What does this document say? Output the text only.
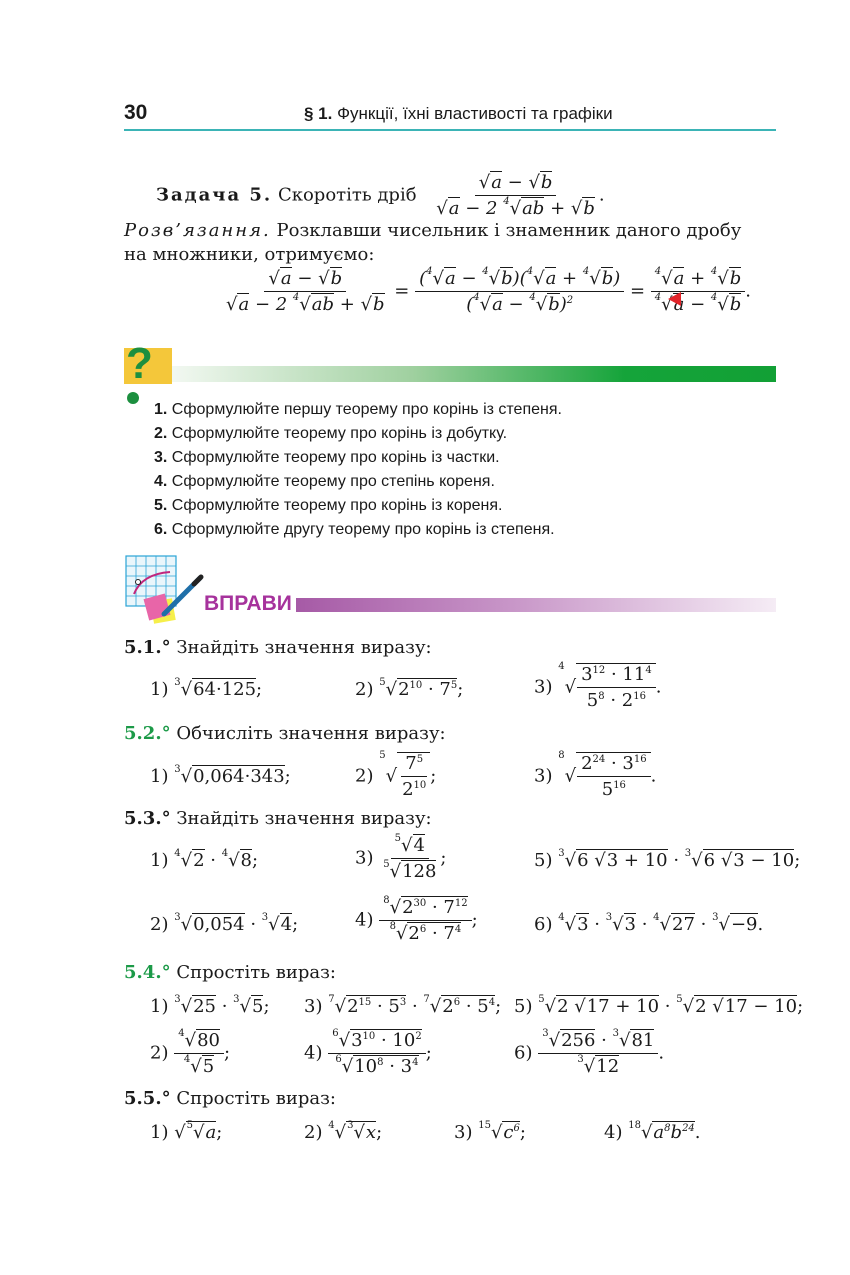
30	§ 1. Функції, їхні властивості та графіки
Задача 5. Скоротіть дріб $\frac{√a - √b}{√a - 2 ^4√ab + √b}$ .
Розв’язання. Розклавши чисельник і знаменник даного дробу
на множники, отримуємо:
$\frac{√a - √b}{√a - 2 ^4√ab + √b} = \frac{(^4√a - ^4√b)(^4√a + ^4√b)}{(^4√a - ^4√b)^2} = \frac{^4√a + ^4√b}{^4√a - ^4√b}$ .
?
1. Сформулюйте першу теорему про корінь із степеня.
2. Сформулюйте теорему про корінь із добутку.
3. Сформулюйте теорему про корінь із частки.
4. Сформулюйте теорему про степінь кореня.
5. Сформулюйте теорему про корінь із кореня.
6. Сформулюйте другу теорему про корінь із степеня.
ВПРАВИ
5.1.° Знайдіть значення виразу:
1) $^3$√64·125;	2) $^5√2^{10} \cdot 7^5$;	3) $^4√ \frac{3^{12} \cdot 11^4}{5^8 \cdot 2^{16}}$ .
5.2.° Обчисліть значення виразу:
1) $^3$√0,064·343;	2) $^5√ \frac{7^5}{2^{10}}$ ;	3) $^8√ \frac{2^{24} \cdot 3^{16}}{5^{16}}$ .
5.3.° Знайдіть значення виразу:
1) $^4$√2 · $^4$√8;	$3) \frac{^5√4}{^5√128}$ ;	5) $^3$√6 √3 + 10 · $^3$√6 √3 − 10;
2) $^3$√0,054 · $^3$√4;	$4) \frac{^8√2^{30} \cdot 7^{12}}{^8√2^6 \cdot 7^4}$ ;	6) $^4$√3 · $^3$√3 · $^4$√27 · $^3$√−9.
5.4.° Спростіть вираз:
1) $^3$√25 · $^3$√5; 3) $^7√2^{15} \cdot 5^3 \cdot ^7√2^6 \cdot 5^4$; 5) $^5$√2 √17 + 10 · $^5$√2 √17 − 10;
$2) \frac{^4√80}{^4√5}$ ;	$4) \frac{^6√3^{10} \cdot 10^2}{^6√10^8 \cdot 3^4}$ ;	$6) \frac{^3√256 \cdot ^3√81}{^3√12}$ .
5.5.° Спростіть вираз:
1) √$^5$√a;	2) $^4$√$^3$√x;	3) $^{15}√c^6$;	4) $^{18}√a^8b^{24}$.
